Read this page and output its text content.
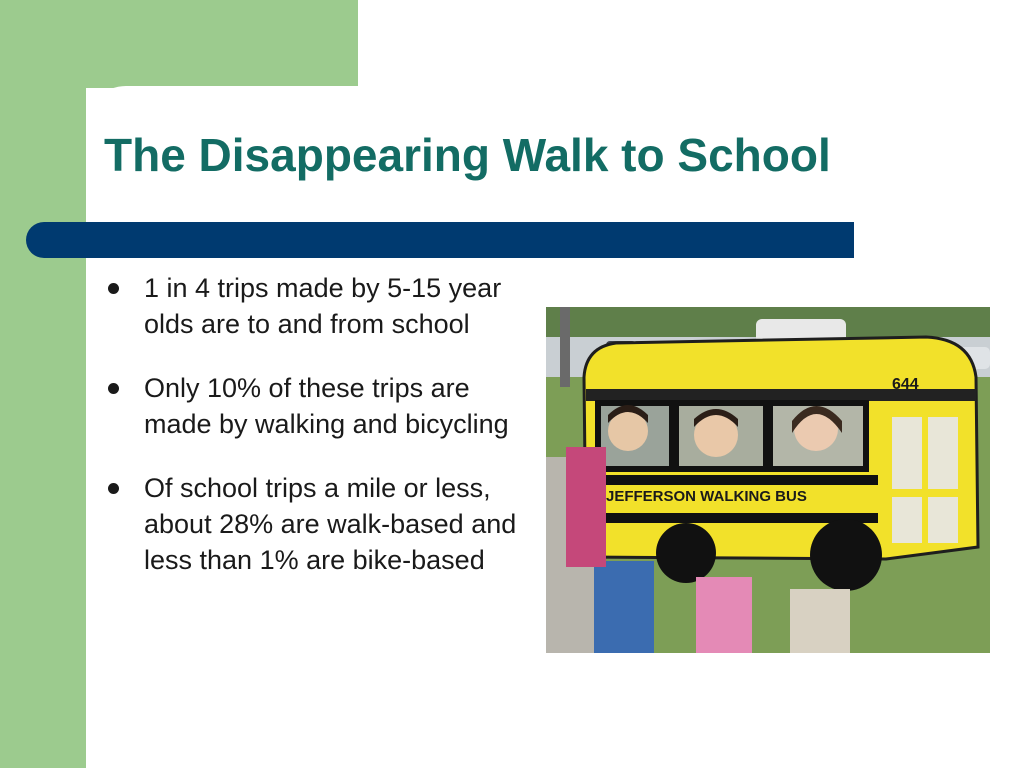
The Disappearing Walk to School
1 in 4 trips made by 5-15 year olds are to and from school
Only 10% of these trips are made by walking and bicycling
Of school trips a mile or less, about 28% are walk-based and less than 1% are bike-based
JEFFERSON WALKING BUS
644
